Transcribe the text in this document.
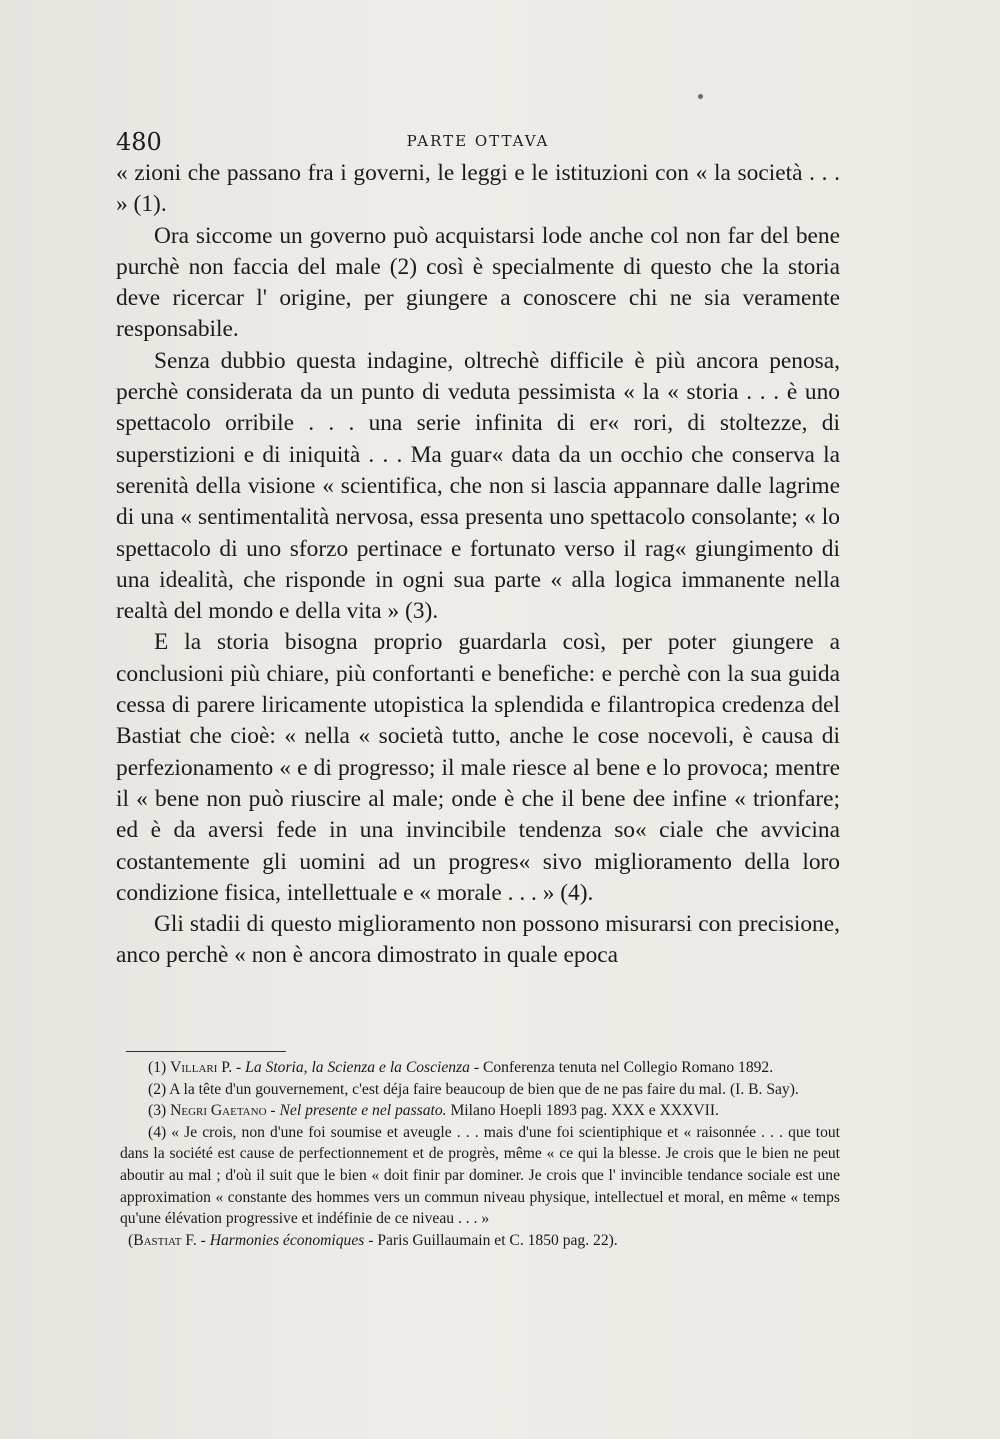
480	PARTE OTTAVA

« zioni che passano fra i governi, le leggi e le istituzioni con « la società . . . » (1).

Ora siccome un governo può acquistarsi lode anche col non far del bene purchè non faccia del male (2) così è specialmente di questo che la storia deve ricercar l' origine, per giungere a conoscere chi ne sia veramente responsabile.

Senza dubbio questa indagine, oltrechè difficile è più ancora penosa, perchè considerata da un punto di veduta pessimista « la « storia . . . è uno spettacolo orribile . . . una serie infinita di er« rori, di stoltezze, di superstizioni e di iniquità . . . Ma guar« data da un occhio che conserva la serenità della visione « scientifica, che non si lascia appannare dalle lagrime di una « sentimentalità nervosa, essa presenta uno spettacolo consolante; « lo spettacolo di uno sforzo pertinace e fortunato verso il rag« giungimento di una idealità, che risponde in ogni sua parte « alla logica immanente nella realtà del mondo e della vita » (3).

E la storia bisogna proprio guardarla così, per poter giungere a conclusioni più chiare, più confortanti e benefiche: e perchè con la sua guida cessa di parere liricamente utopistica la splendida e filantropica credenza del Bastiat che cioè: « nella « società tutto, anche le cose nocevoli, è causa di perfezionamento « e di progresso; il male riesce al bene e lo provoca; mentre il « bene non può riuscire al male; onde è che il bene dee infine « trionfare; ed è da aversi fede in una invincibile tendenza so« ciale che avvicina costantemente gli uomini ad un progres« sivo miglioramento della loro condizione fisica, intellettuale e « morale . . . » (4).

Gli stadii di questo miglioramento non possono misurarsi con precisione, anco perchè « non è ancora dimostrato in quale epoca

(1) Villari P. - La Storia, la Scienza e la Coscienza - Conferenza tenuta nel Collegio Romano 1892.

(2) A la tête d'un gouvernement, c'est déja faire beaucoup de bien que de ne pas faire du mal. (I. B. Say).

(3) Negri Gaetano - Nel presente e nel passato. Milano Hoepli 1893 pag. XXX e XXXVII.

(4) « Je crois, non d'une foi soumise et aveugle . . . mais d'une foi scientiphique et « raisonnée . . . que tout dans la société est cause de perfectionnement et de progrès, même « ce qui la blesse. Je crois que le bien ne peut aboutir au mal ; d'où il suit que le bien « doit finir par dominer. Je crois que l' invincible tendance sociale est une approximation « constante des hommes vers un commun niveau physique, intellectuel et moral, en même « temps qu'une élévation progressive et indéfinie de ce niveau . . . »

(Bastiat F. - Harmonies économiques - Paris Guillaumain et C. 1850 pag. 22).
